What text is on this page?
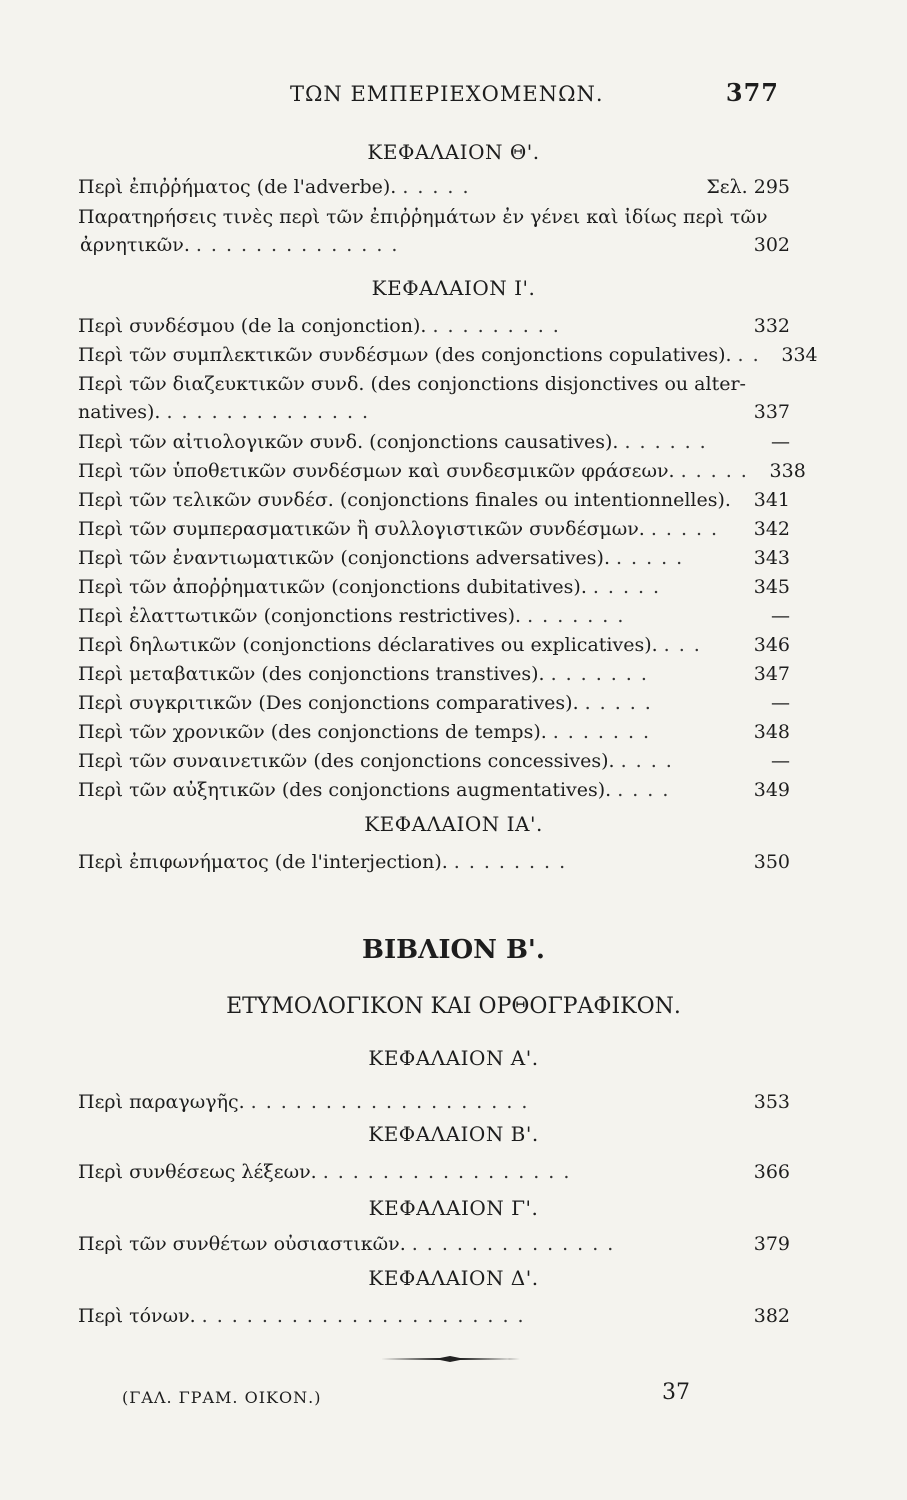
ΤΩΝ ΕΜΠΕΡΙΕΧΟΜΕΝΩΝ.	377
ΚΕΦΑΛΑΙΟΝ Θ'.
Περὶ ἐπιῤῥήματος (de l'adverbe). .....	Σελ. 295
Παρατηρήσεις τινὲς περὶ τῶν ἐπιῤῥημάτων ἐν γένει καὶ ἰδίως περὶ τῶν
ἀρνητικῶν. ..............	302
ΚΕΦΑΛΑΙΟΝ Ι'.
Περὶ συνδέσμου (de la conjonction). .........	332
Περὶ τῶν συμπλεκτικῶν συνδέσμων (des conjonctions copulatives). .. 334
Περὶ τῶν διαζευκτικῶν συνδ. (des conjonctions disjonctives ou alter-
natives). ..............	337
Περὶ τῶν αἰτιολογικῶν συνδ. (conjonctions causatives). ......	—
Περὶ τῶν ὑποθετικῶν συνδέσμων καὶ συνδεσμικῶν φράσεων. ..... 338
Περὶ τῶν τελικῶν συνδέσ. (conjonctions finales ou intentionnelles).	341
Περὶ τῶν συμπερασματικῶν ἢ συλλογιστικῶν συνδέσμων. .....	342
Περὶ τῶν ἐναντιωματικῶν (conjonctions adversatives). .....	343
Περὶ τῶν ἀποῤῥηματικῶν (conjonctions dubitatives). .....	345
Περὶ ἐλαττωτικῶν (conjonctions restrictives). .......	—
Περὶ δηλωτικῶν (conjonctions déclaratives ou explicatives). ...	346
Περὶ μεταβατικῶν (des conjonctions transtives). .......	347
Περὶ συγκριτικῶν (Des conjonctions comparatives). .....	—
Περὶ τῶν χρονικῶν (des conjonctions de temps). .......	348
Περὶ τῶν συναινετικῶν (des conjonctions concessives). ....	—
Περὶ τῶν αὐξητικῶν (des conjonctions augmentatives). ....	349
ΚΕΦΑΛΑΙΟΝ ΙΑ'.
Περὶ ἐπιφωνήματος (de l'interjection). ........	350
ΒΙΒΛΙΟΝ Β'.
ΕΤΥΜΟΛΟΓΙΚΟΝ ΚΑΙ ΟΡΘΟΓΡΑΦΙΚΟΝ.
ΚΕΦΑΛΑΙΟΝ Α'.
Περὶ παραγωγῆς. ...................	353
ΚΕΦΑΛΑΙΟΝ Β'.
Περὶ συνθέσεως λέξεων. .................	366
ΚΕΦΑΛΑΙΟΝ Γ'.
Περὶ τῶν συνθέτων οὐσιαστικῶν. ..............	379
ΚΕΦΑΛΑΙΟΝ Δ'.
Περὶ τόνων. ......................	382
(ΓΑΛ. ΓΡΑΜ. ΟΙΚΟΝ.)	37
